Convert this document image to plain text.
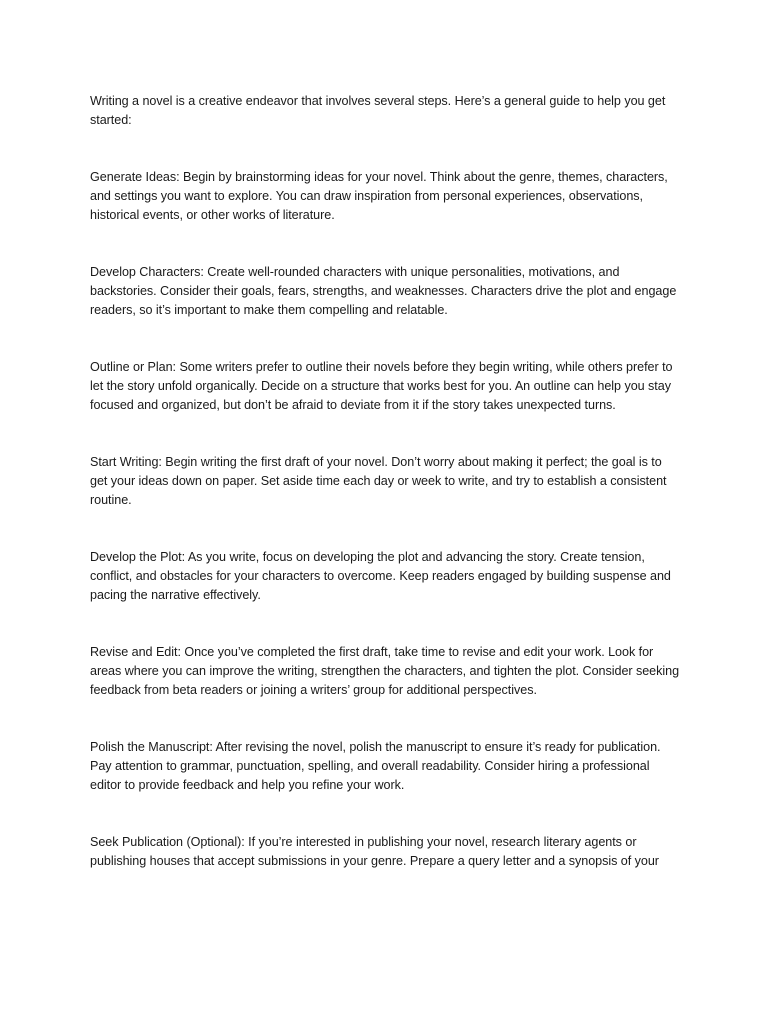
Writing a novel is a creative endeavor that involves several steps. Here’s a general guide to help you get started:

Generate Ideas: Begin by brainstorming ideas for your novel. Think about the genre, themes, characters, and settings you want to explore. You can draw inspiration from personal experiences, observations, historical events, or other works of literature.

Develop Characters: Create well-rounded characters with unique personalities, motivations, and backstories. Consider their goals, fears, strengths, and weaknesses. Characters drive the plot and engage readers, so it’s important to make them compelling and relatable.

Outline or Plan: Some writers prefer to outline their novels before they begin writing, while others prefer to let the story unfold organically. Decide on a structure that works best for you. An outline can help you stay focused and organized, but don’t be afraid to deviate from it if the story takes unexpected turns.

Start Writing: Begin writing the first draft of your novel. Don’t worry about making it perfect; the goal is to get your ideas down on paper. Set aside time each day or week to write, and try to establish a consistent routine.

Develop the Plot: As you write, focus on developing the plot and advancing the story. Create tension, conflict, and obstacles for your characters to overcome. Keep readers engaged by building suspense and pacing the narrative effectively.

Revise and Edit: Once you’ve completed the first draft, take time to revise and edit your work. Look for areas where you can improve the writing, strengthen the characters, and tighten the plot. Consider seeking feedback from beta readers or joining a writers’ group for additional perspectives.

Polish the Manuscript: After revising the novel, polish the manuscript to ensure it’s ready for publication. Pay attention to grammar, punctuation, spelling, and overall readability. Consider hiring a professional editor to provide feedback and help you refine your work.

Seek Publication (Optional): If you’re interested in publishing your novel, research literary agents or publishing houses that accept submissions in your genre. Prepare a query letter and a synopsis of your
